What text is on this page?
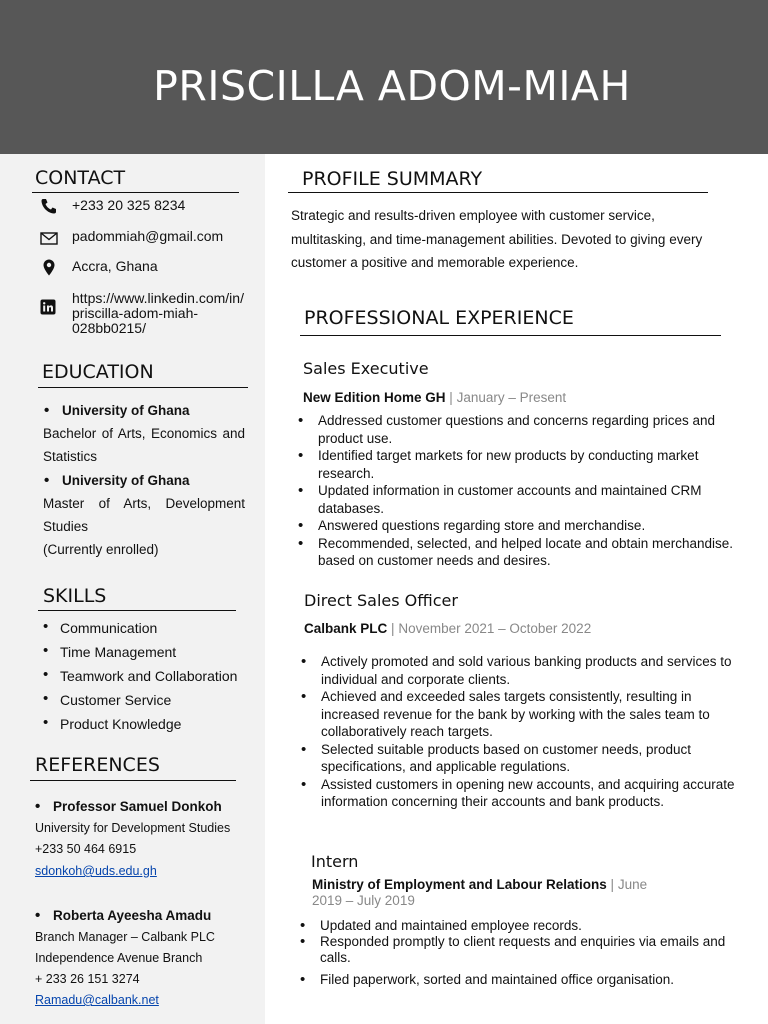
PRISCILLA ADOM-MIAH
CONTACT
+233 20 325 8234
padommiah@gmail.com
Accra, Ghana
https://www.linkedin.com/in/ priscilla-adom-miah- 028bb0215/
EDUCATION
• University of Ghana
Bachelor of Arts, Economics and Statistics
• University of Ghana
Master of Arts, Development Studies
(Currently enrolled)
SKILLS
• Communication
• Time Management
• Teamwork and Collaboration
• Customer Service
• Product Knowledge
REFERENCES
• Professor Samuel Donkoh
University for Development Studies
+233 50 464 6915
sdonkoh@uds.edu.gh
• Roberta Ayeesha Amadu
Branch Manager – Calbank PLC
Independence Avenue Branch
+ 233 26 151 3274
Ramadu@calbank.net
PROFILE SUMMARY
Strategic and results-driven employee with customer service, multitasking, and time-management abilities. Devoted to giving every customer a positive and memorable experience.
PROFESSIONAL EXPERIENCE
Sales Executive
New Edition Home GH | January – Present
• Addressed customer questions and concerns regarding prices and product use.
• Identified target markets for new products by conducting market research.
• Updated information in customer accounts and maintained CRM databases.
• Answered questions regarding store and merchandise.
• Recommended, selected, and helped locate and obtain merchandise. based on customer needs and desires.
Direct Sales Officer
Calbank PLC | November 2021 – October 2022
• Actively promoted and sold various banking products and services to individual and corporate clients.
• Achieved and exceeded sales targets consistently, resulting in increased revenue for the bank by working with the sales team to collaboratively reach targets.
• Selected suitable products based on customer needs, product specifications, and applicable regulations.
• Assisted customers in opening new accounts, and acquiring accurate information concerning their accounts and bank products.
Intern
Ministry of Employment and Labour Relations | June 2019 – July 2019
• Updated and maintained employee records.
• Responded promptly to client requests and enquiries via emails and calls.
• Filed paperwork, sorted and maintained office organisation.
